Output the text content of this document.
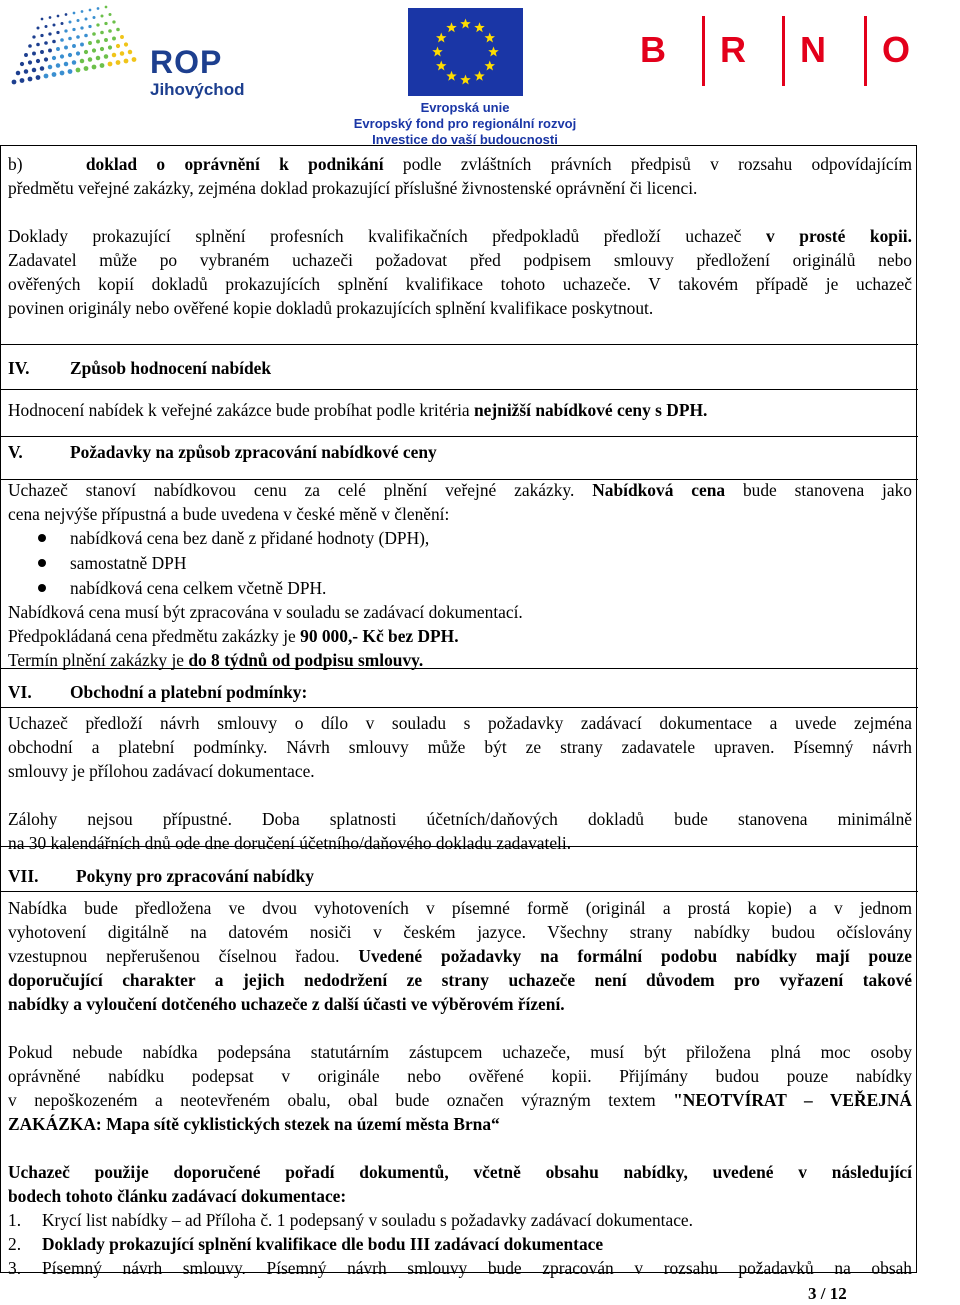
ROP
Jihovýchod
Evropská unie
Evropský fond pro regionální rozvoj
Investice do vaší budoucnosti
B R N O
b)	doklad o oprávnění k podnikání podle zvláštních právních předpisů v rozsahu odpovídajícím
předmětu veřejné zakázky, zejména doklad prokazující příslušné živnostenské oprávnění či licenci.
Doklady prokazující splnění profesních kvalifikačních předpokladů předloží uchazeč v prosté kopii.
Zadavatel může po vybraném uchazeči požadovat před podpisem smlouvy předložení originálů nebo
ověřených kopií dokladů prokazujících splnění kvalifikace tohoto uchazeče. V takovém případě je uchazeč
povinen originály nebo ověřené kopie dokladů prokazujících splnění kvalifikace poskytnout.
IV. Způsob hodnocení nabídek
Hodnocení nabídek k veřejné zakázce bude probíhat podle kritéria nejnižší nabídkové ceny s DPH.
V.	Požadavky na způsob zpracování nabídkové ceny
Uchazeč stanoví nabídkovou cenu za celé plnění veřejné zakázky. Nabídková cena bude stanovena jako
cena nejvýše přípustná a bude uvedena v české měně v členění:
nabídková cena bez daně z přidané hodnoty (DPH),
samostatně DPH
nabídková cena celkem včetně DPH.
Nabídková cena musí být zpracována v souladu se zadávací dokumentací.
Předpokládaná cena předmětu zakázky je 90 000,- Kč bez DPH.
Termín plnění zakázky je do 8 týdnů od podpisu smlouvy.
VI. Obchodní a platební podmínky:
Uchazeč předloží návrh smlouvy o dílo v souladu s požadavky zadávací dokumentace a uvede zejména
obchodní a platební podmínky. Návrh smlouvy může být ze strany zadavatele upraven. Písemný návrh
smlouvy je přílohou zadávací dokumentace.
Zálohy nejsou přípustné. Doba splatnosti účetních/daňových dokladů bude stanovena minimálně
na 30 kalendářních dnů ode dne doručení účetního/daňového dokladu zadavateli.
VII. Pokyny pro zpracování nabídky
Nabídka bude předložena ve dvou vyhotoveních v písemné formě (originál a prostá kopie) a v jednom
vyhotovení digitálně na datovém nosiči v českém jazyce. Všechny strany nabídky budou očíslovány
vzestupnou nepřerušenou číselnou řadou. Uvedené požadavky na formální podobu nabídky mají pouze
doporučující charakter a jejich nedodržení ze strany uchazeče není důvodem pro vyřazení takové
nabídky a vyloučení dotčeného uchazeče z další účasti ve výběrovém řízení.
Pokud nebude nabídka podepsána statutárním zástupcem uchazeče, musí být přiložena plná moc osoby
oprávněné nabídku podepsat v originále nebo ověřené kopii. Přijímány budou pouze nabídky
v nepoškozeném a neotevřeném obalu, obal bude označen výrazným textem "NEOTVÍRAT – VEŘEJNÁ
ZAKÁZKA: Mapa sítě cyklistických stezek na území města Brna“
Uchazeč použije doporučené pořadí dokumentů, včetně obsahu nabídky, uvedené v následující
bodech tohoto článku zadávací dokumentace:
1.	Krycí list nabídky – ad Příloha č. 1 podepsaný v souladu s požadavky zadávací dokumentace.
2.	Doklady prokazující splnění kvalifikace dle bodu III zadávací dokumentace
3.	Písemný návrh smlouvy. Písemný návrh smlouvy bude zpracován v rozsahu požadavků na obsah
3 / 12
